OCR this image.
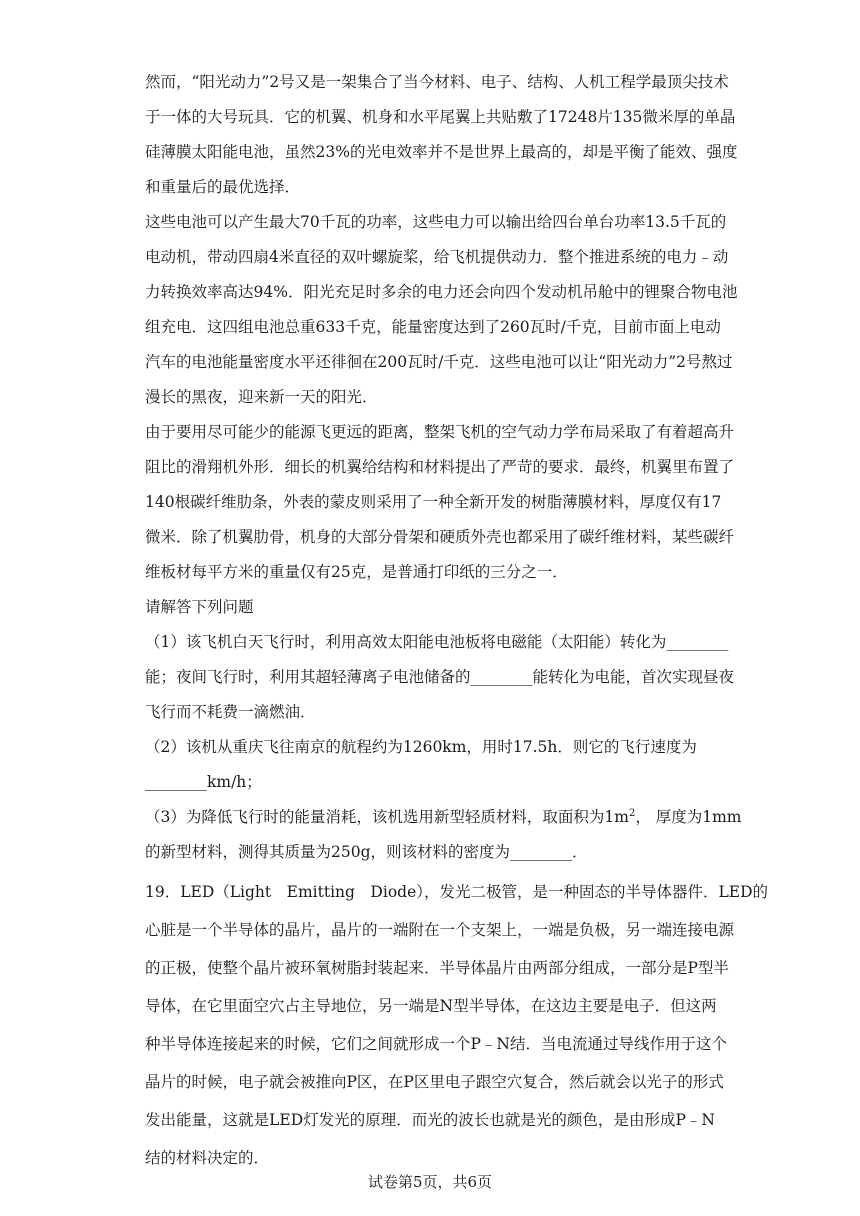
然而，“阳光动力”2号又是一架集合了当今材料、电子、结构、人机工程学最顶尖技术
于一体的大号玩具．它的机翼、机身和水平尾翼上共贴敷了17248片135微米厚的单晶
硅薄膜太阳能电池，虽然23%的光电效率并不是世界上最高的，却是平衡了能效、强度
和重量后的最优选择．
这些电池可以产生最大70千瓦的功率，这些电力可以输出给四台单台功率13.5千瓦的
电动机，带动四扇4米直径的双叶螺旋桨，给飞机提供动力．整个推进系统的电力﹣动
力转换效率高达94%．阳光充足时多余的电力还会向四个发动机吊舱中的锂聚合物电池
组充电．这四组电池总重633千克，能量密度达到了260瓦时/千克，目前市面上电动
汽车的电池能量密度水平还徘徊在200瓦时/千克．这些电池可以让“阳光动力”2号熬过
漫长的黑夜，迎来新一天的阳光．
由于要用尽可能少的能源飞更远的距离，整架飞机的空气动力学布局采取了有着超高升
阻比的滑翔机外形．细长的机翼给结构和材料提出了严苛的要求．最终，机翼里布置了
140根碳纤维肋条，外表的蒙皮则采用了一种全新开发的树脂薄膜材料，厚度仅有17
微米．除了机翼肋骨，机身的大部分骨架和硬质外壳也都采用了碳纤维材料，某些碳纤
维板材每平方米的重量仅有25克，是普通打印纸的三分之一．
请解答下列问题
（1）该飞机白天飞行时，利用高效太阳能电池板将电磁能（太阳能）转化为________
能；夜间飞行时，利用其超轻薄离子电池储备的________能转化为电能，首次实现昼夜
飞行而不耗费一滴燃油．
（2）该机从重庆飞往南京的航程约为1260km，用时17.5h．则它的飞行速度为
________km/h；
（3）为降低飞行时的能量消耗，该机选用新型轻质材料，取面积为$1m^2$， 厚度为1mm
的新型材料，测得其质量为250g，则该材料的密度为________．
19．LED（Light　Emitting　Diode），发光二极管，是一种固态的半导体器件．LED的
心脏是一个半导体的晶片，晶片的一端附在一个支架上，一端是负极，另一端连接电源
的正极，使整个晶片被环氧树脂封装起来．半导体晶片由两部分组成，一部分是P型半
导体，在它里面空穴占主导地位，另一端是N型半导体，在这边主要是电子．但这两
种半导体连接起来的时候，它们之间就形成一个P﹣N结．当电流通过导线作用于这个
晶片的时候，电子就会被推向P区，在P区里电子跟空穴复合，然后就会以光子的形式
发出能量，这就是LED灯发光的原理．而光的波长也就是光的颜色，是由形成P﹣N
结的材料决定的．
试卷第5页，共6页
